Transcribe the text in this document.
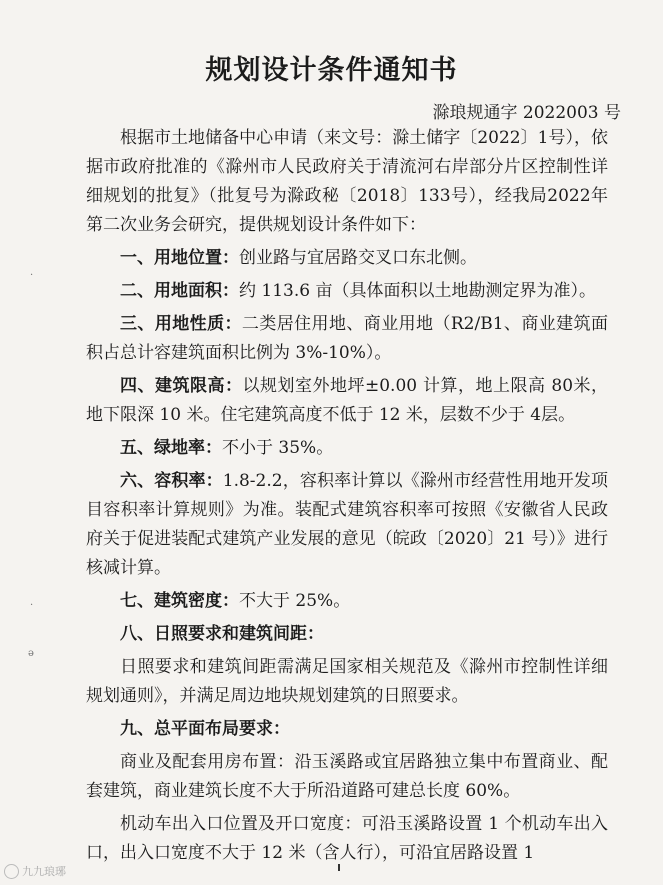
规划设计条件通知书
滁琅规通字 2022003 号

根据市土地储备中心申请（来文号：滁土储字〔2022〕1号），依据市政府批准的《滁州市人民政府关于清流河右岸部分片区控制性详细规划的批复》（批复号为滁政秘〔2018〕133号），经我局2022年第二次业务会研究，提供规划设计条件如下：

一、用地位置：创业路与宜居路交叉口东北侧。

二、用地面积：约 113.6 亩（具体面积以土地勘测定界为准）。

三、用地性质：二类居住用地、商业用地（R2/B1、商业建筑面积占总计容建筑面积比例为 3%-10%）。

四、建筑限高：以规划室外地坪±0.00 计算，地上限高 80米，地下限深 10 米。住宅建筑高度不低于 12 米，层数不少于 4层。

五、绿地率：不小于 35%。

六、容积率：1.8-2.2，容积率计算以《滁州市经营性用地开发项目容积率计算规则》为准。装配式建筑容积率可按照《安徽省人民政府关于促进装配式建筑产业发展的意见（皖政〔2020〕21 号）》进行核减计算。

七、建筑密度：不大于 25%。

八、日照要求和建筑间距：

日照要求和建筑间距需满足国家相关规范及《滁州市控制性详细规划通则》，并满足周边地块规划建筑的日照要求。

九、总平面布局要求：

商业及配套用房布置：沿玉溪路或宜居路独立集中布置商业、配套建筑，商业建筑长度不大于所沿道路可建总长度 60%。

机动车出入口位置及开口宽度：可沿玉溪路设置 1 个机动车出入口，出入口宽度不大于 12 米（含人行），可沿宜居路设置 1

·
·
ə
九九琅琊
